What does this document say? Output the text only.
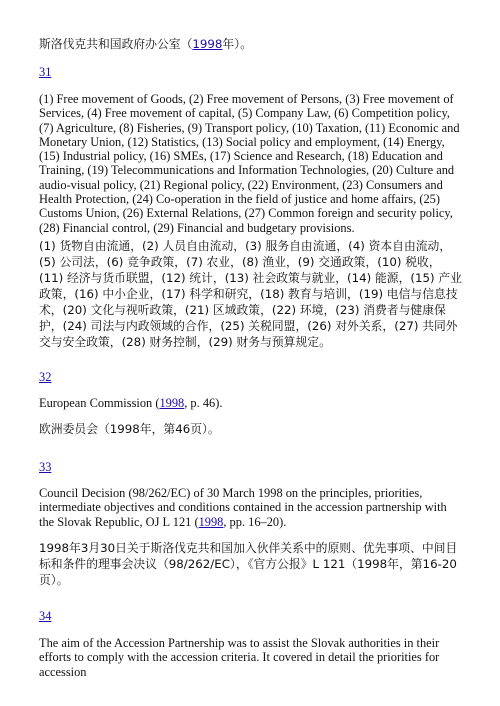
斯洛伐克共和国政府办公室（1998年）。

31

(1) Free movement of Goods, (2) Free movement of Persons, (3) Free movement of Services, (4) Free movement of capital, (5) Company Law, (6) Competition policy, (7) Agriculture, (8) Fisheries, (9) Transport policy, (10) Taxation, (11) Economic and Monetary Union, (12) Statistics, (13) Social policy and employment, (14) Energy, (15) Industrial policy, (16) SMEs, (17) Science and Research, (18) Education and Training, (19) Telecommunications and Information Technologies, (20) Culture and audio-visual policy, (21) Regional policy, (22) Environment, (23) Consumers and Health Protection, (24) Co-operation in the field of justice and home affairs, (25) Customs Union, (26) External Relations, (27) Common foreign and security policy, (28) Financial control, (29) Financial and budgetary provisions.

(1) 货物自由流通，(2) 人员自由流动，(3) 服务自由流通，(4) 资本自由流动，(5) 公司法，(6) 竞争政策，(7) 农业，(8) 渔业，(9) 交通政策，(10) 税收，(11) 经济与货币联盟，(12) 统计，(13) 社会政策与就业，(14) 能源，(15) 产业政策，(16) 中小企业，(17) 科学和研究，(18) 教育与培训，(19) 电信与信息技术，(20) 文化与视听政策，(21) 区域政策，(22) 环境，(23) 消费者与健康保护，(24) 司法与内政领域的合作，(25) 关税同盟，(26) 对外关系，(27) 共同外交与安全政策，(28) 财务控制，(29) 财务与预算规定。

32

European Commission (1998, p. 46).

欧洲委员会（1998年，第46页）。

33

Council Decision (98/262/EC) of 30 March 1998 on the principles, priorities, intermediate objectives and conditions contained in the accession partnership with the Slovak Republic, OJ L 121 (1998, pp. 16–20).

1998年3月30日关于斯洛伐克共和国加入伙伴关系中的原则、优先事项、中间目标和条件的理事会决议（98/262/EC），《官方公报》L 121（1998年，第16-20页）。

34

The aim of the Accession Partnership was to assist the Slovak authorities in their efforts to comply with the accession criteria. It covered in detail the priorities for accession
